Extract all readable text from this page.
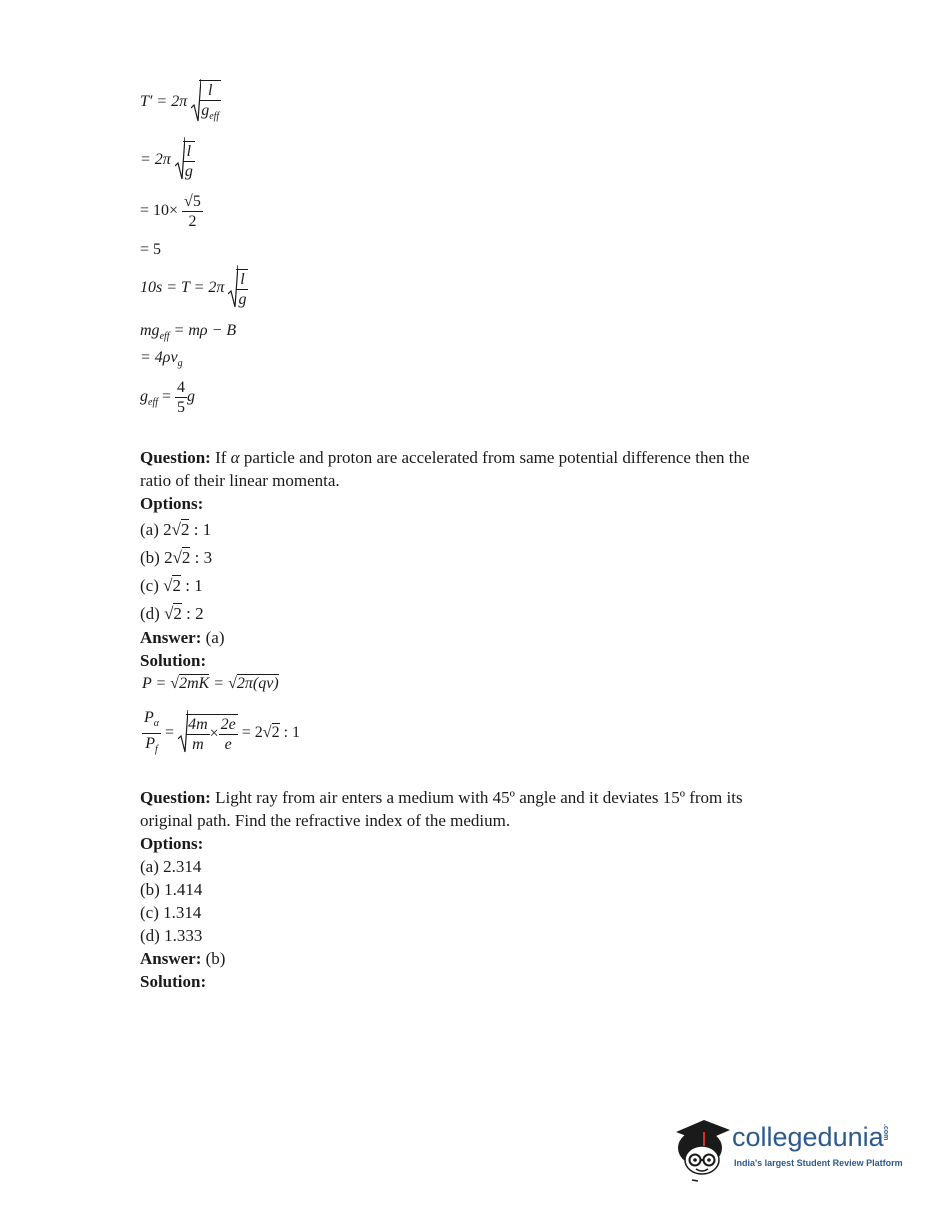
$T' = 2\pi \frac{l}{g_{eff}}$
= $2\pi \frac{l}{g}$
= $10\times \frac{√5}{2}$
= 5
$10s = T = 2\pi \frac{l}{g}$
$mg_{eff} = m\rho - B$
= $4\rho v_g$
$g_{eff} = \frac{4}{5}$ g
Question: If α particle and proton are accelerated from same potential difference then the ratio of their linear momenta.
Options:
(a) 2√2 : 1
(b) 2√2 : 3
(c) √2 : 1
(d) √2 : 2
Answer: (a)
Solution:
P = √2mK = √2π(qv)
$\frac{P_\alpha}{P_f} = \frac{4m}{m} \times \frac{2e}{e} = 2√2$ : 1
Question: Light ray from air enters a medium with 45º angle and it deviates 15º from its original path. Find the refractive index of the medium.
Options:
(a) 2.314
(b) 1.414
(c) 1.314
(d) 1.333
Answer: (b)
Solution:
collegedunia
.com
India's largest Student Review Platform
